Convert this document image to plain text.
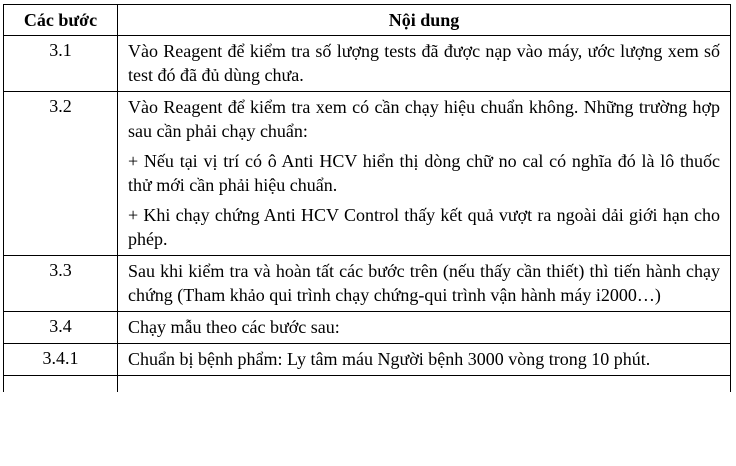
Các bước	Nội dung
3.1	Vào Reagent để kiểm tra số lượng tests đã được nạp vào máy, ước lượng xem số test đó đã đủ dùng chưa.

3.2	Vào Reagent để kiểm tra xem có cần chạy hiệu chuẩn không. Những trường hợp sau cần phải chạy chuẩn:

+ Nếu tại vị trí có ô Anti HCV hiển thị dòng chữ no cal có nghĩa đó là lô thuốc thử mới cần phải hiệu chuẩn.

+ Khi chạy chứng Anti HCV Control thấy kết quả vượt ra ngoài dải giới hạn cho phép.

3.3	Sau khi kiểm tra và hoàn tất các bước trên (nếu thấy cần thiết) thì tiến hành chạy chứng (Tham khảo qui trình chạy chứng-qui trình vận hành máy i2000…)

3.4	Chạy mẫu theo các bước sau:

3.4.1	Chuẩn bị bệnh phẩm: Ly tâm máu Người bệnh 3000 vòng trong 10 phút.
